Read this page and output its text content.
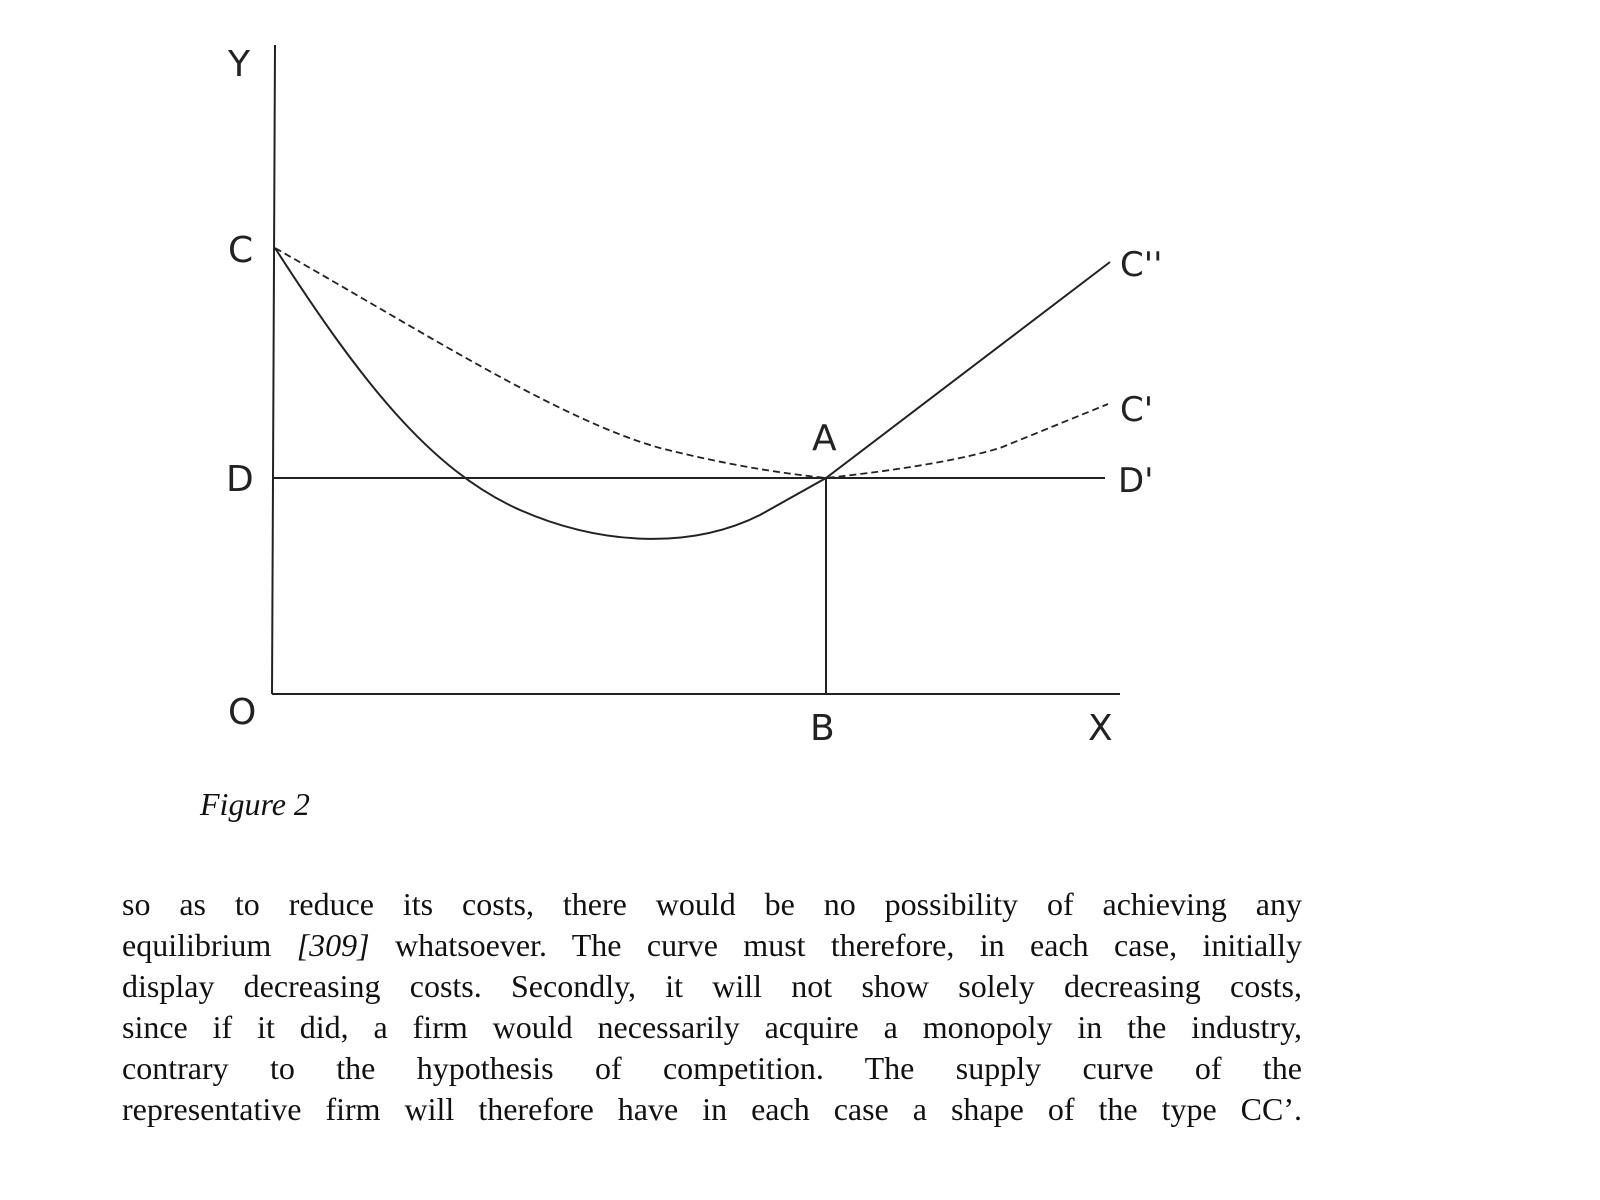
Y
C
D
O
A
B	X
C''
C'
D'
Figure 2
so as to reduce its costs, there would be no possibility of achieving any
equilibrium [309] whatsoever. The curve must therefore, in each case, initially
display decreasing costs. Secondly, it will not show solely decreasing costs,
since if it did, a firm would necessarily acquire a monopoly in the industry,
contrary to the hypothesis of competition. The supply curve of the
representative firm will therefore have in each case a shape of the type CC’.
